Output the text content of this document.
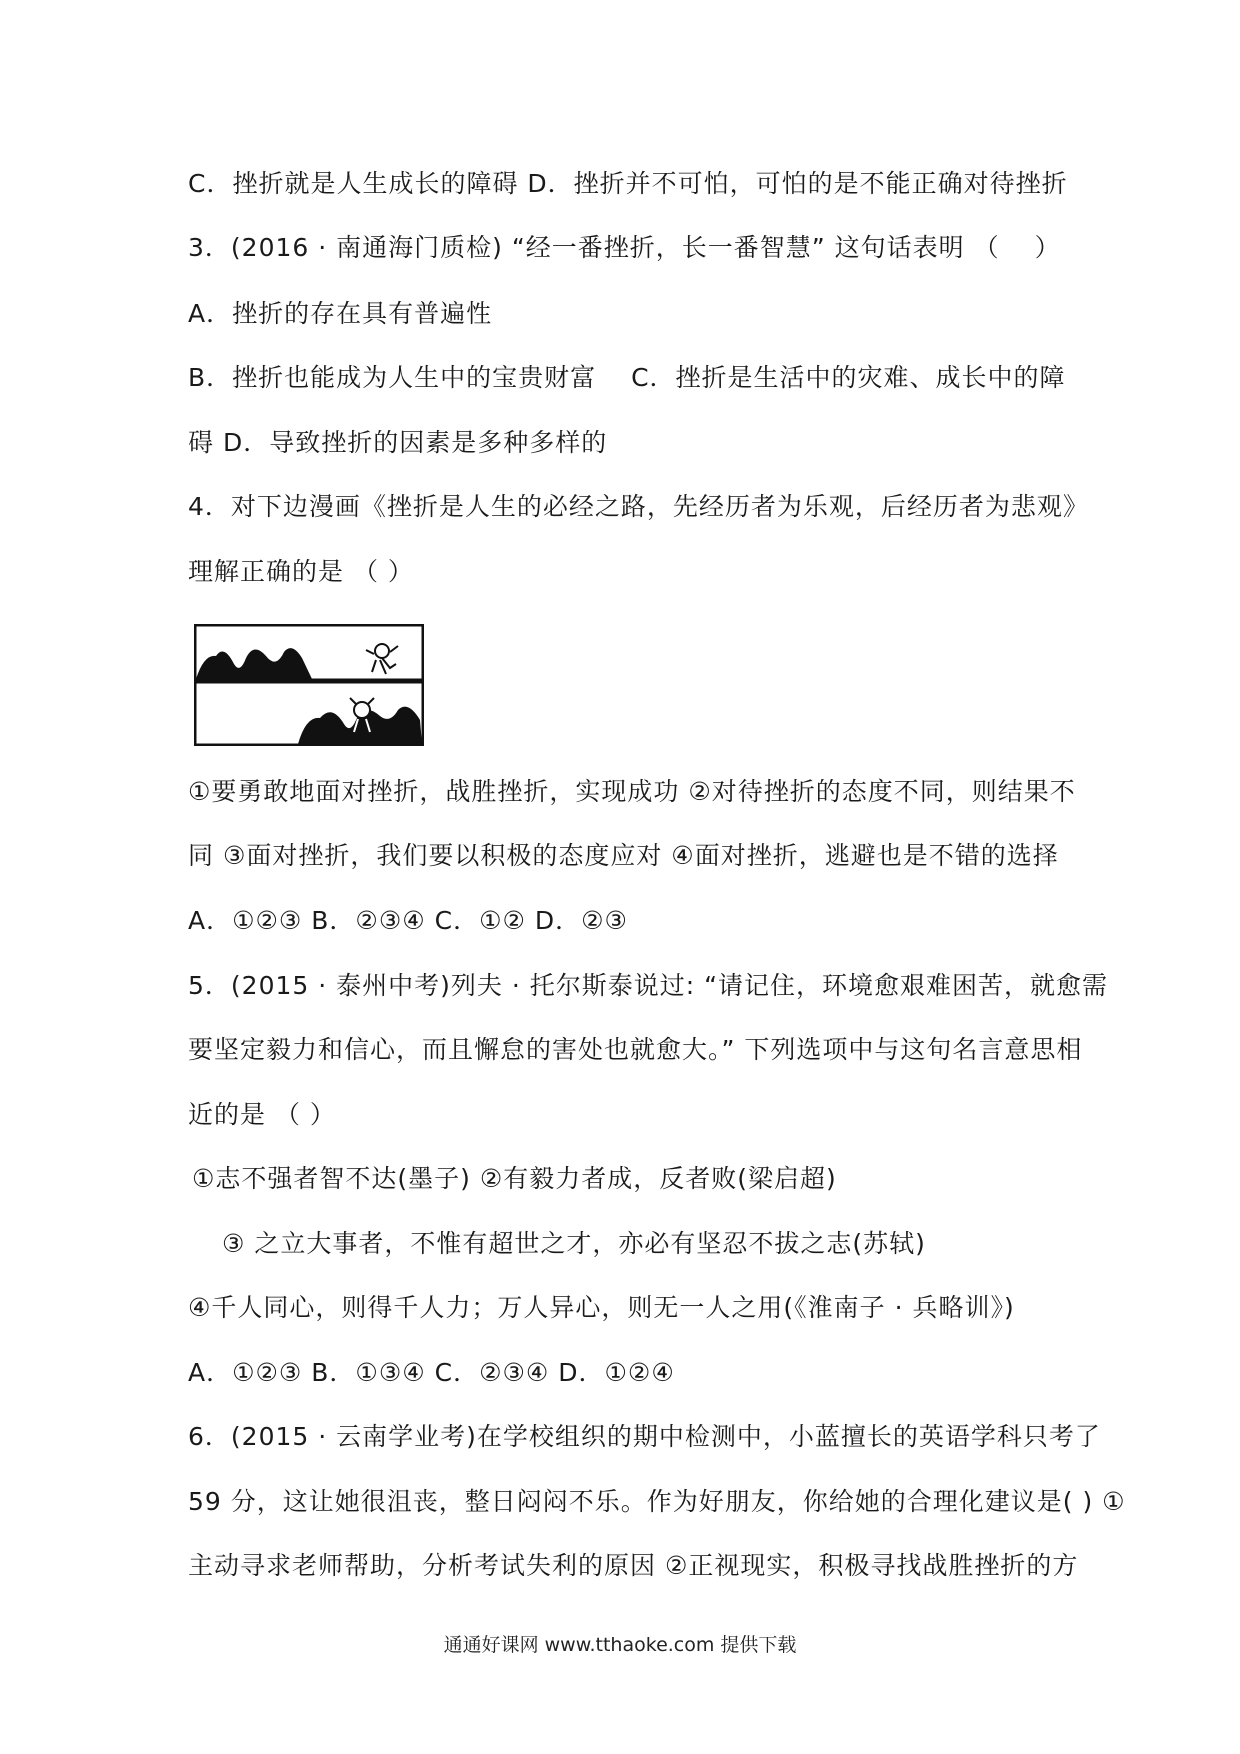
C．挫折就是人生成长的障碍 D．挫折并不可怕，可怕的是不能正确对待挫折
3．(2016 · 南通海门质检) “经一番挫折，长一番智慧” 这句话表明 （　 ）
A．挫折的存在具有普遍性
B．挫折也能成为人生中的宝贵财富　 C．挫折是生活中的灾难、成长中的障
碍 D．导致挫折的因素是多种多样的
4．对下边漫画《挫折是人生的必经之路，先经历者为乐观，后经历者为悲观》
理解正确的是 （ ）
①要勇敢地面对挫折，战胜挫折，实现成功 ②对待挫折的态度不同，则结果不
同 ③面对挫折，我们要以积极的态度应对 ④面对挫折，逃避也是不错的选择
A．①②③ B．②③④ C．①② D．②③
5．(2015 · 泰州中考)列夫 · 托尔斯泰说过: “请记住，环境愈艰难困苦，就愈需
要坚定毅力和信心，而且懈怠的害处也就愈大。” 下列选项中与这句名言意思相
近的是 （ ）
①志不强者智不达(墨子) ②有毅力者成，反者败(梁启超)
③ 之立大事者，不惟有超世之才，亦必有坚忍不拔之志(苏轼)
④千人同心，则得千人力；万人异心，则无一人之用(《淮南子 · 兵略训》)
A．①②③ B．①③④ C．②③④ D．①②④
6．(2015 · 云南学业考)在学校组织的期中检测中，小蓝擅长的英语学科只考了
59 分，这让她很沮丧，整日闷闷不乐。作为好朋友，你给她的合理化建议是( ) ①
主动寻求老师帮助，分析考试失利的原因 ②正视现实，积极寻找战胜挫折的方
通通好课网 www.tthaoke.com 提供下载
